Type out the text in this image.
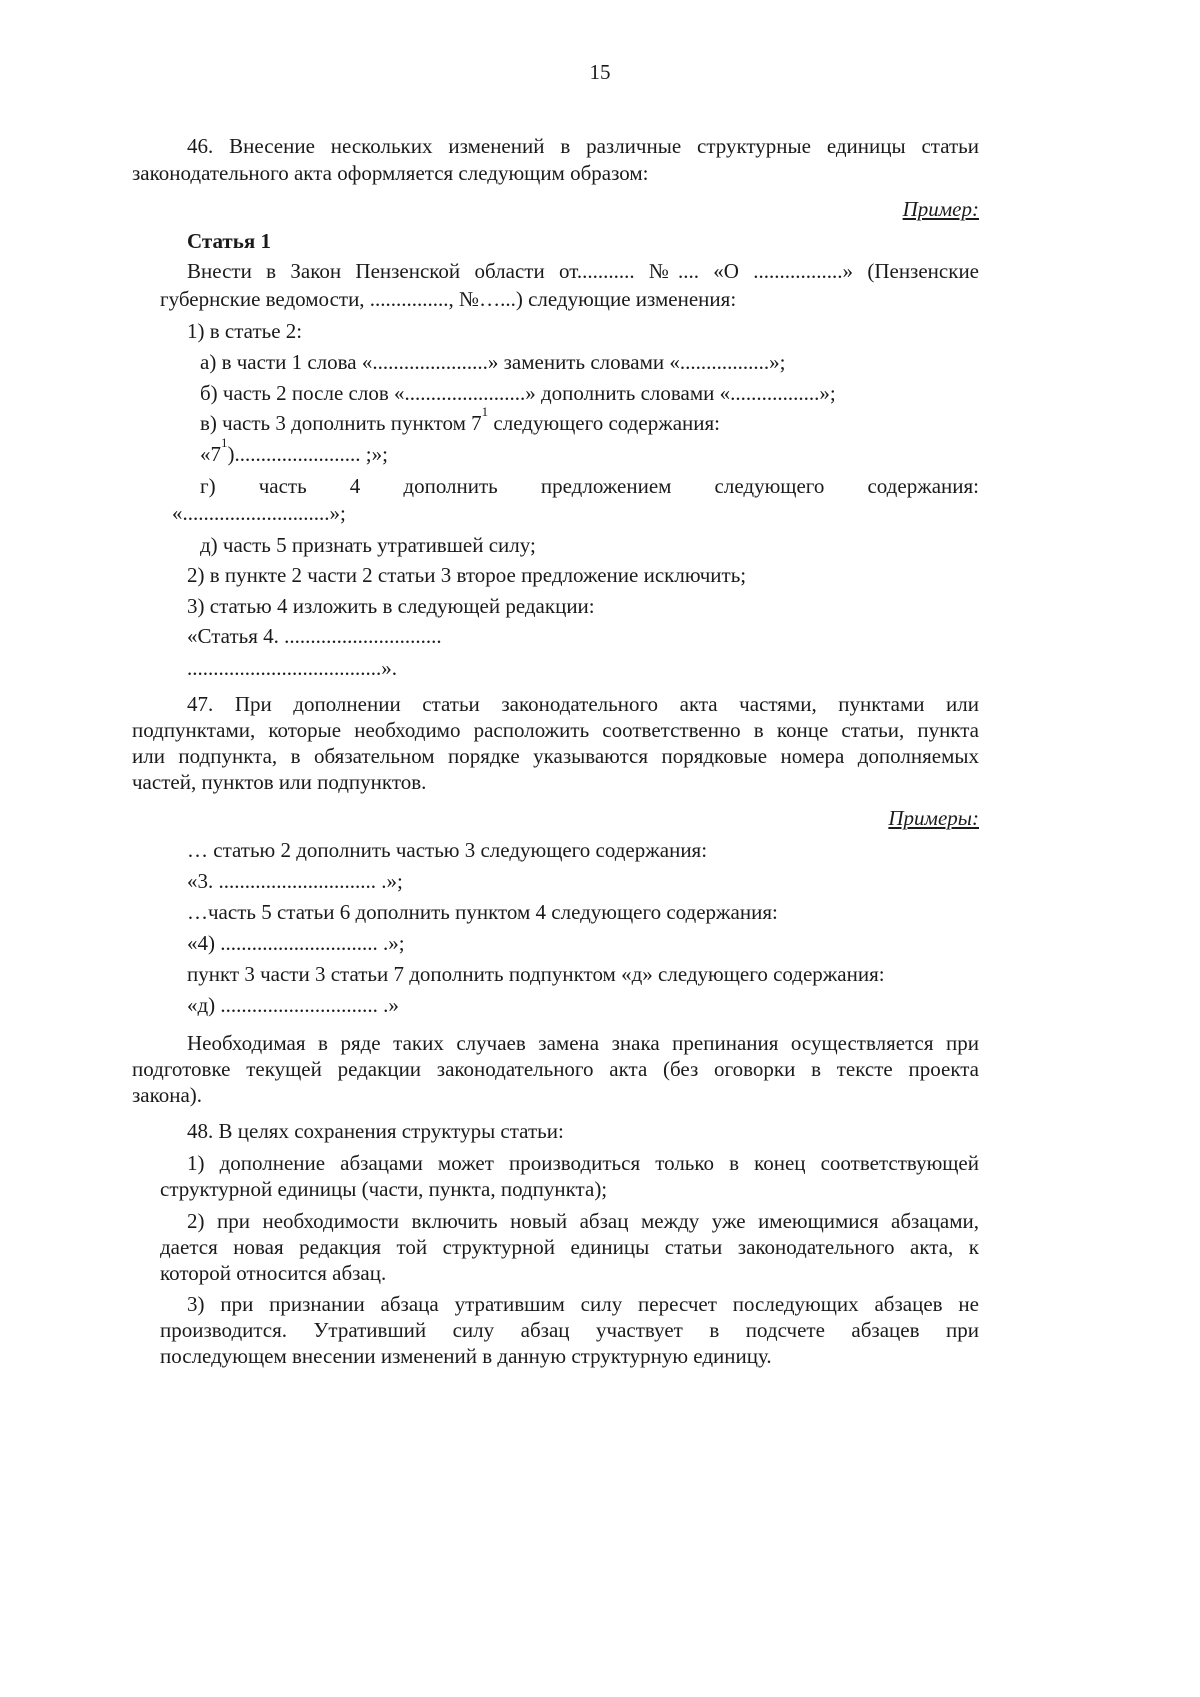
15
46. Внесение нескольких изменений в различные структурные единицы статьи
законодательного акта оформляется следующим образом:
Пример:
Статья 1
Внести в Закон Пензенской области от........... №.... «О .................» (Пензенские
губернские ведомости, ..............., №…...) следующие изменения:
1) в статье 2:
а) в части 1 слова «......................» заменить словами «.................»;
б) часть 2 после слов «.......................» дополнить словами «.................»;
в) часть 3 дополнить пунктом $7^1$ следующего содержания:
«$7^1$)........................ ;»;
г) часть 4 дополнить предложением следующего содержания:
«............................»;
д) часть 5 признать утратившей силу;
2) в пункте 2 части 2 статьи 3 второе предложение исключить;
3) статью 4 изложить в следующей редакции:
«Статья 4. ..............................
.....................................».
47. При дополнении статьи законодательного акта частями, пунктами или
подпунктами, которые необходимо расположить соответственно в конце статьи, пункта
или подпункта, в обязательном порядке указываются порядковые номера дополняемых
частей, пунктов или подпунктов.
Примеры:
… статью 2 дополнить частью 3 следующего содержания:
«3. .............................. .»;
…часть 5 статьи 6 дополнить пунктом 4 следующего содержания:
«4) .............................. .»;
пункт 3 части 3 статьи 7 дополнить подпунктом «д» следующего содержания:
«д) .............................. .»
Необходимая в ряде таких случаев замена знака препинания осуществляется при
подготовке текущей редакции законодательного акта (без оговорки в тексте проекта
закона).
48. В целях сохранения структуры статьи:
1) дополнение абзацами может производиться только в конец соответствующей
структурной единицы (части, пункта, подпункта);
2) при необходимости включить новый абзац между уже имеющимися абзацами,
дается новая редакция той структурной единицы статьи законодательного акта, к
которой относится абзац.
3) при признании абзаца утратившим силу пересчет последующих абзацев не
производится. Утративший силу абзац участвует в подсчете абзацев при
последующем внесении изменений в данную структурную единицу.
